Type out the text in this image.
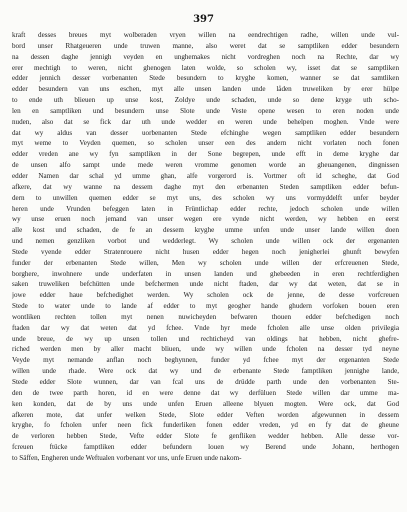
397
kraft desses breues myt wolberaden vryen willen na eendrechtigen radhe, willen unde vul-
bord unser Rhatgeueren unde truwen manne, also weret dat se samptliken edder besundern
na dessen daghe jennigh veyden en unghemakes nicht vordreghen noch na Rechte, dar wy
erer mechtigh to weren, nicht ghenogen laten wolde, so scholen wy, isset dat se samptliken
edder jennich desser vorbenanten Stede besundern to kryghe komen, wanner se dat samtliken
edder besundern van uns eschen, myt alle unsen landen unde låden truweliken by erer hülpe
to ende uth blieuen up unse kost, Zoldye unde schaden, unde so dene kryge uth scho-
len en samptliken und besundern unse Slote unde Veste opene wesen to eren noden unde
nuden, also dat se fick dar uth unde wedder en weren unde behelpen moghen. Vnde were
dat wy aldus van desser uorbenanten Stede efchinghe wegen samptliken edder besundern
myt weme to Veyden quemen, so scholen unser een des andern nicht vorlaten noch fonen
edder vreden ane wy fyn samptliken in der Sone begrepen, unde efft in deme kryghe dar
de unsen alfo sampt unde mede weren vromme genomen worde an gheuangenen, dingnissen
edder Namen dar schal yd umme ghan, alfe vorgerord is. Vortmer oft id scheghe, dat God
afkere, dat wy wanne na dessem daghe myt den erbenanten Steden samptliken edder befun-
dern to unwillen quemen edder se myt uns, des scholen wy uns vormyddelft unfer beyder
heren unde Vrunden befeggen laten in Früntlichap edder rechte, jedoch scholen unde willen
wy unse eruen noch jemand van unser wegen ere vynde nicht werden, wy hebben en eerst
alle kost und schaden, de fe an dessem kryghe umme unfen unde unser lande willen doen
und nemen genzliken vorbot und wedderlegt. Wy scholen unde willen ock der ergenanten
Stede vyende edder Stratenrouere nicht husen edder hegen noch jenigherlei ghunft bewyfen
funder der erbenanten Stede willen, Men wy scholen unde willen der erfcreuenen Stede,
borghere, inwohnere unde underfaten in unsen landen und ghebeeden in eren rechtferdighen
saken truweliken befchütten unde befchermen unde nicht ftaden, dar wy dat weten, dat se in
jowe edder haue befchedighet werden. Wy scholen ock de jenne, de desse vorfcreuen
Stede to water unde to lande af edder to myt geogher hande ghudern vorfoken bouen eren
wontliken rechten tollen myt nenen nuwicheyden befwaren thouen edder befchedigen noch
ftaden dar wy dat weten dat yd fchee. Vnde hyr mede fcholen alle unse olden privilegia
unde breue, de wy up unsen tollen und rechticheyd van oldings hat hebben, nicht ghefre-
riched werden men by aller macht bliuen, unde wy willen unde fcholen na desser tyd neyne
Veyde myt nemande anflan noch beghynnen, funder yd fchee myt der ergenanten Stede
willen unde rhade. Were ock dat wy und de erbenante Stede famptliken jennighe lande,
Stede edder Slote wunnen, dar van fcal uns de drüdde parth unde den vorbenanten Ste-
den de twee parth horen, id en were denne dat wy derfüluen Stede willen dar umme ma-
ken konden, dat de by uns unde unfen Eruen alleene blyuen mogten. Were ock, dat God
afkeren mote, dat unfer welken Stede, Slote edder Veften worden afgewunnen in dessem
kryghe, fo fcholen unfer neen fick funderliken fonen edder vreden, yd en fy dat de gheune
de verloren hebben Stede, Vefte edder Slote fe genfliken wedder hebben. Alle desse vor-
fcreuen ftücke famptliken edder befundern louen wy Berend unde Johann, herthogen
to Säffen, Engheren unde Weftualen vorbenant vor uns, unfe Eruen unde nakom-
